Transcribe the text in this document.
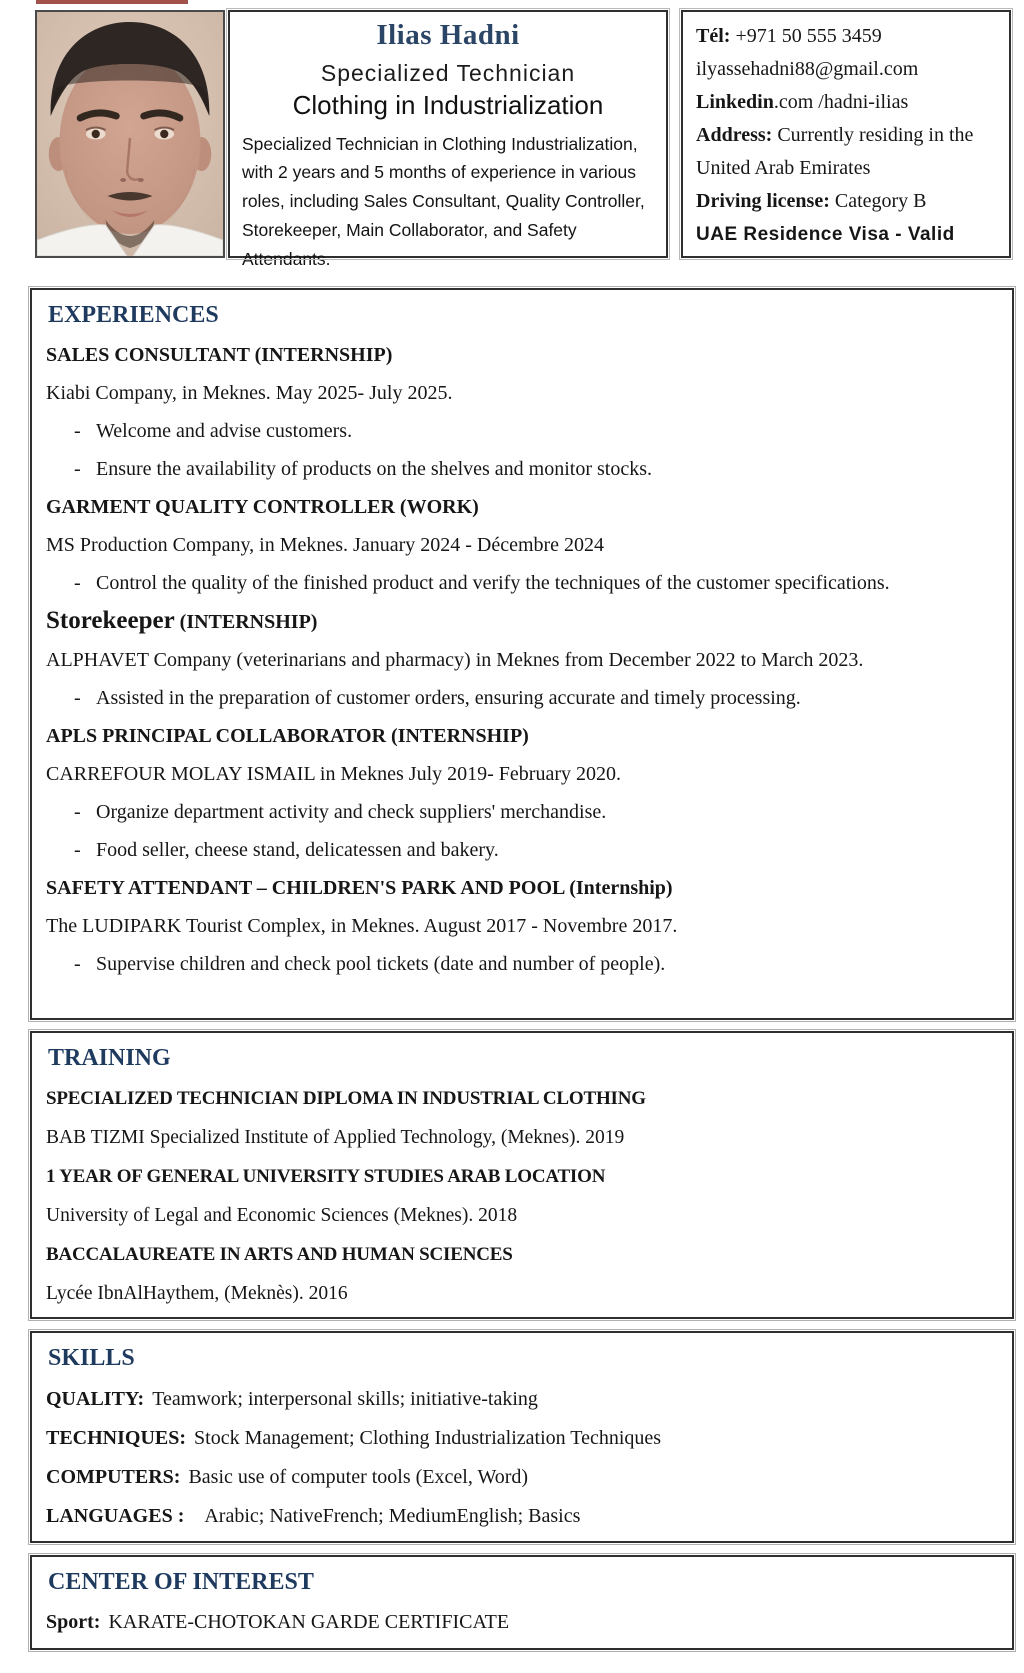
Ilias Hadni
Specialized Technician
Clothing in Industrialization
Specialized Technician in Clothing Industrialization, with 2 years and 5 months of experience in various roles, including Sales Consultant, Quality Controller, Storekeeper, Main Collaborator, and Safety Attendants.
Tél: +971 50 555 3459
ilyassehadni88@gmail.com
Linkedin.com /hadni-ilias
Address: Currently residing in the United Arab Emirates
Driving license: Category B
UAE Residence Visa - Valid
EXPERIENCES
SALES CONSULTANT (INTERNSHIP)
Kiabi Company, in Meknes. May 2025- July 2025.
-Welcome and advise customers.
-Ensure the availability of products on the shelves and monitor stocks.
GARMENT QUALITY CONTROLLER (WORK)
MS Production Company, in Meknes. January 2024 - Décembre 2024
-Control the quality of the finished product and verify the techniques of the customer specifications.
Storekeeper (INTERNSHIP)
ALPHAVET Company (veterinarians and pharmacy) in Meknes from December 2022 to March 2023.
-Assisted in the preparation of customer orders, ensuring accurate and timely processing.
APLS PRINCIPAL COLLABORATOR (INTERNSHIP)
CARREFOUR MOLAY ISMAIL in Meknes July 2019- February 2020.
-Organize department activity and check suppliers' merchandise.
-Food seller, cheese stand, delicatessen and bakery.
SAFETY ATTENDANT – CHILDREN'S PARK AND POOL (Internship)
The LUDIPARK Tourist Complex, in Meknes. August 2017 - Novembre 2017.
-Supervise children and check pool tickets (date and number of people).
TRAINING
SPECIALIZED TECHNICIAN DIPLOMA IN INDUSTRIAL CLOTHING
BAB TIZMI Specialized Institute of Applied Technology, (Meknes). 2019
1 YEAR OF GENERAL UNIVERSITY STUDIES ARAB LOCATION
University of Legal and Economic Sciences (Meknes). 2018
BACCALAUREATE IN ARTS AND HUMAN SCIENCES
Lycée IbnAlHaythem, (Meknès). 2016
SKILLS
QUALITY: Teamwork; interpersonal skills; initiative-taking
TECHNIQUES: Stock Management; Clothing Industrialization Techniques
COMPUTERS: Basic use of computer tools (Excel, Word)
LANGUAGES : Arabic; NativeFrench; MediumEnglish; Basics
CENTER OF INTEREST
Sport: KARATE-CHOTOKAN GARDE CERTIFICATE
